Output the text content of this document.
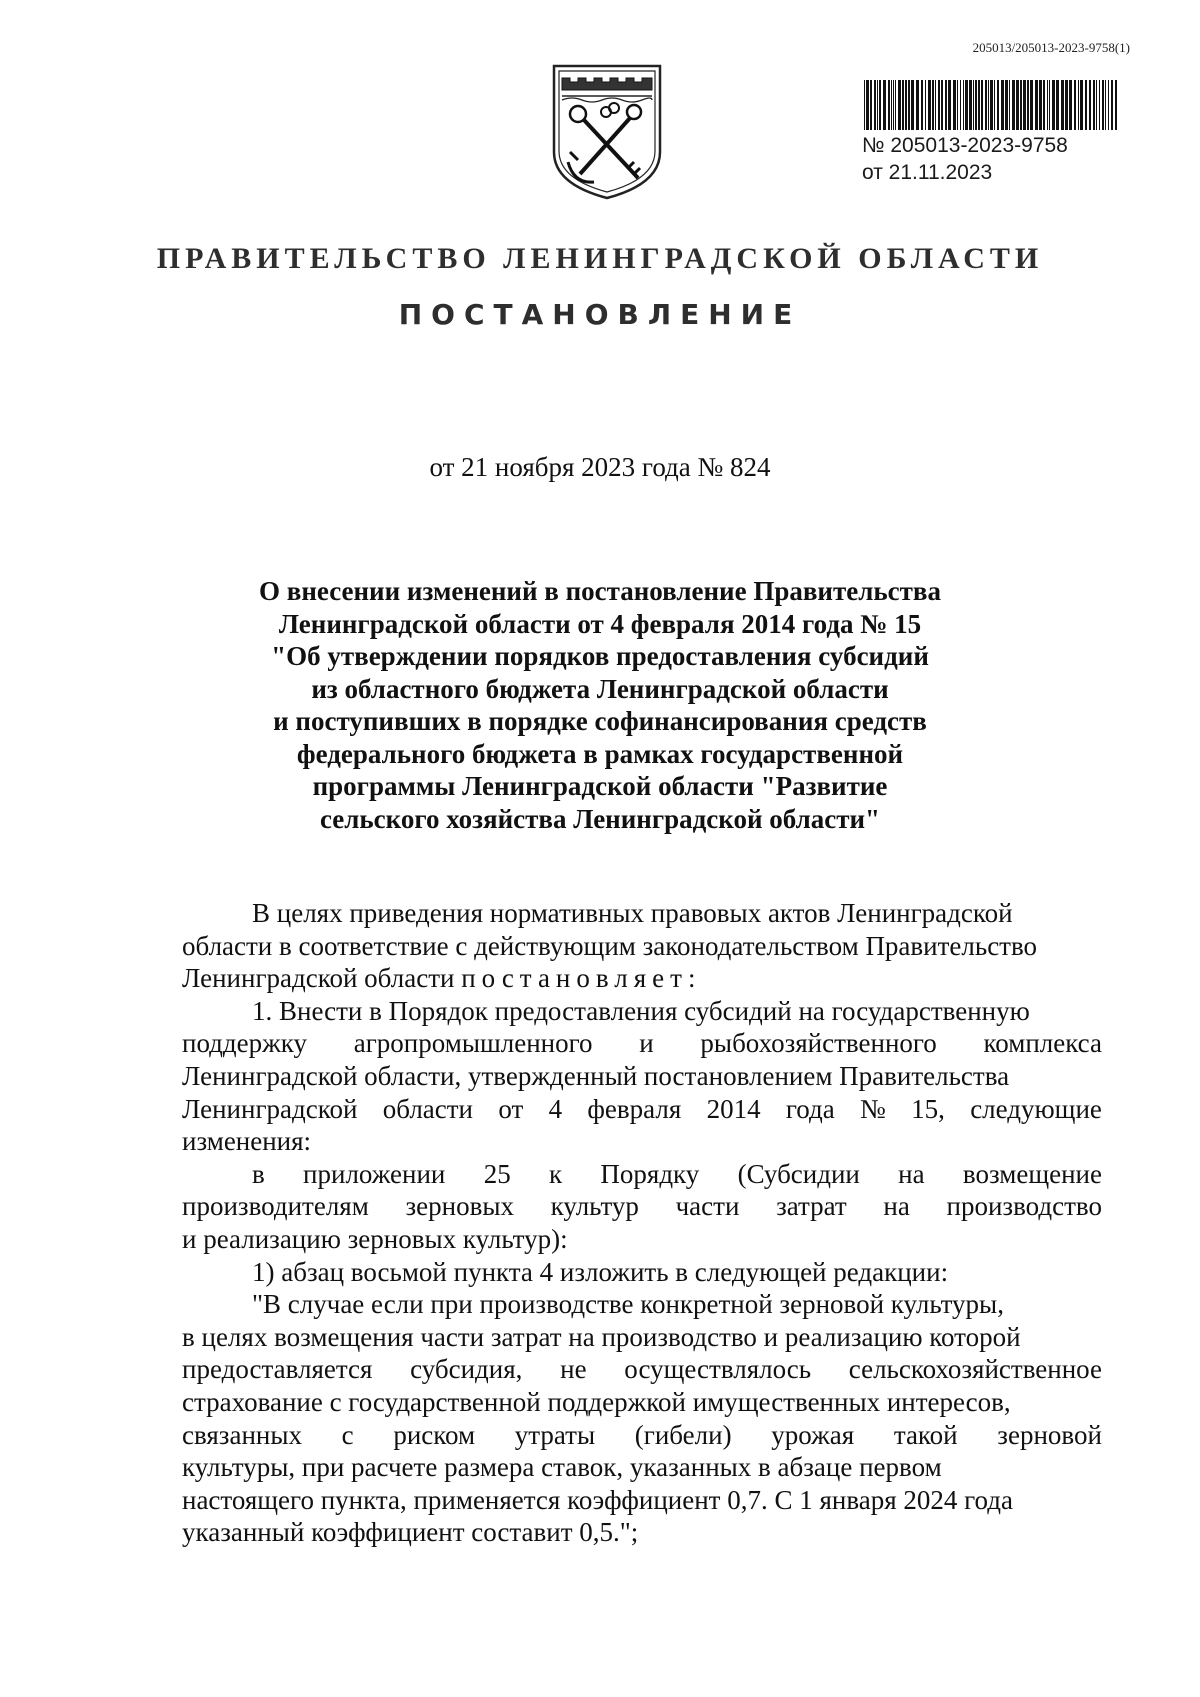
205013/205013-2023-9758(1)
№ 205013-2023-9758
от 21.11.2023
ПРАВИТЕЛЬСТВО ЛЕНИНГРАДСКОЙ ОБЛАСТИ
ПОСТАНОВЛЕНИЕ
от 21 ноября 2023 года № 824
О внесении изменений в постановление Правительства
Ленинградской области от 4 февраля 2014 года № 15
"Об утверждении порядков предоставления субсидий
из областного бюджета Ленинградской области
и поступивших в порядке софинансирования средств
федерального бюджета в рамках государственной
программы Ленинградской области "Развитие
сельского хозяйства Ленинградской области"
В целях приведения нормативных правовых актов Ленинградской
области в соответствие с действующим законодательством Правительство
Ленинградской области постановляет:
1. Внести в Порядок предоставления субсидий на государственную
поддержку агропромышленного и рыбохозяйственного комплекса
Ленинградской области, утвержденный постановлением Правительства
Ленинградской области от 4 февраля 2014 года № 15, следующие
изменения:
в приложении 25 к Порядку (Субсидии на возмещение
производителям зерновых культур части затрат на производство
и реализацию зерновых культур):
1) абзац восьмой пункта 4 изложить в следующей редакции:
"В случае если при производстве конкретной зерновой культуры,
в целях возмещения части затрат на производство и реализацию которой
предоставляется субсидия, не осуществлялось сельскохозяйственное
страхование с государственной поддержкой имущественных интересов,
связанных с риском утраты (гибели) урожая такой зерновой
культуры, при расчете размера ставок, указанных в абзаце первом
настоящего пункта, применяется коэффициент 0,7. С 1 января 2024 года
указанный коэффициент составит 0,5.";
